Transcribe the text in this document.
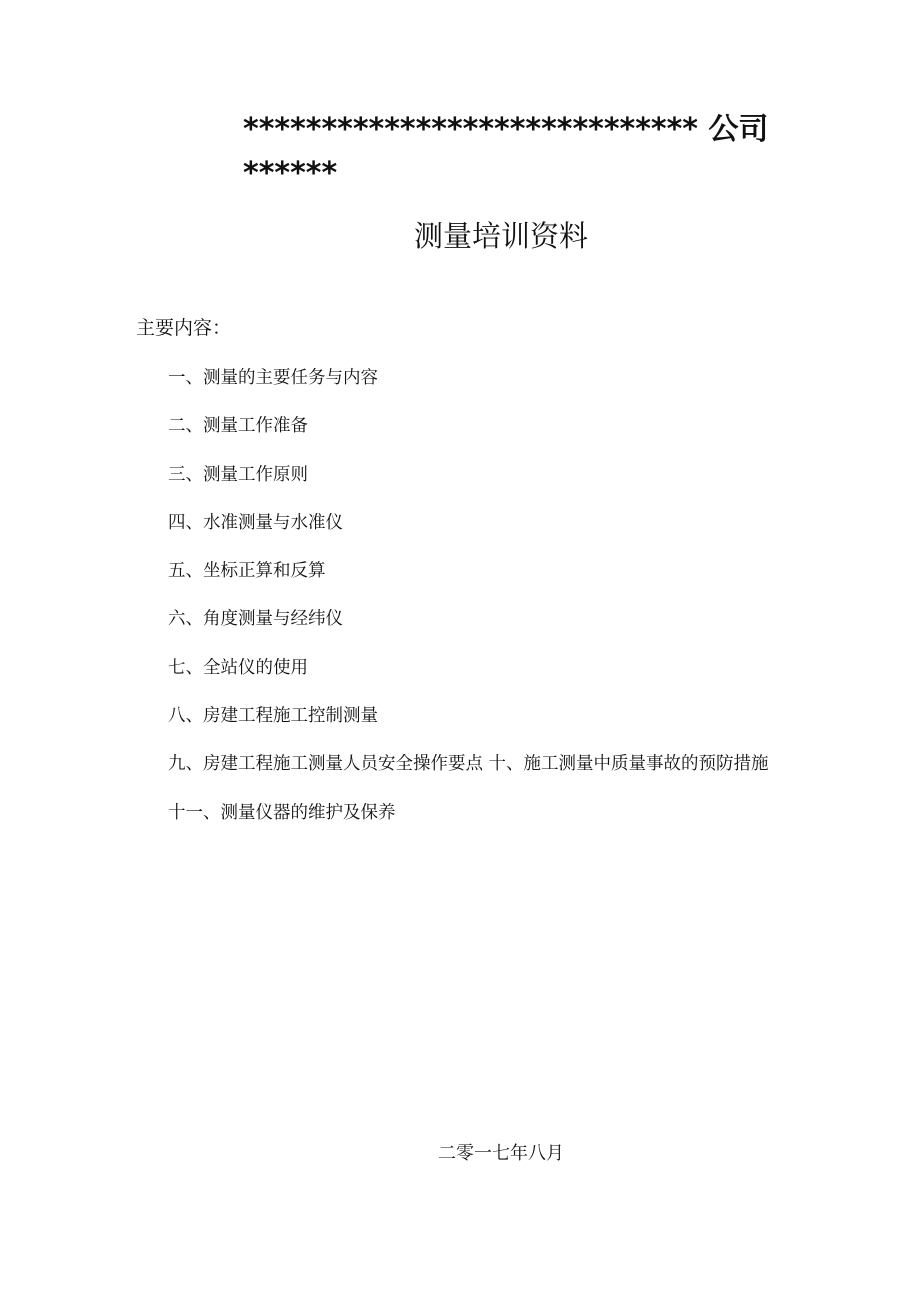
***************************** 公司
******
测量培训资料
主要内容：
一、测量的主要任务与内容
二、测量工作准备
三、测量工作原则
四、水准测量与水准仪
五、坐标正算和反算
六、角度测量与经纬仪
七、全站仪的使用
八、房建工程施工控制测量
九、房建工程施工测量人员安全操作要点 十、施工测量中质量事故的预防措施
十一、测量仪器的维护及保养
二零一七年八月
